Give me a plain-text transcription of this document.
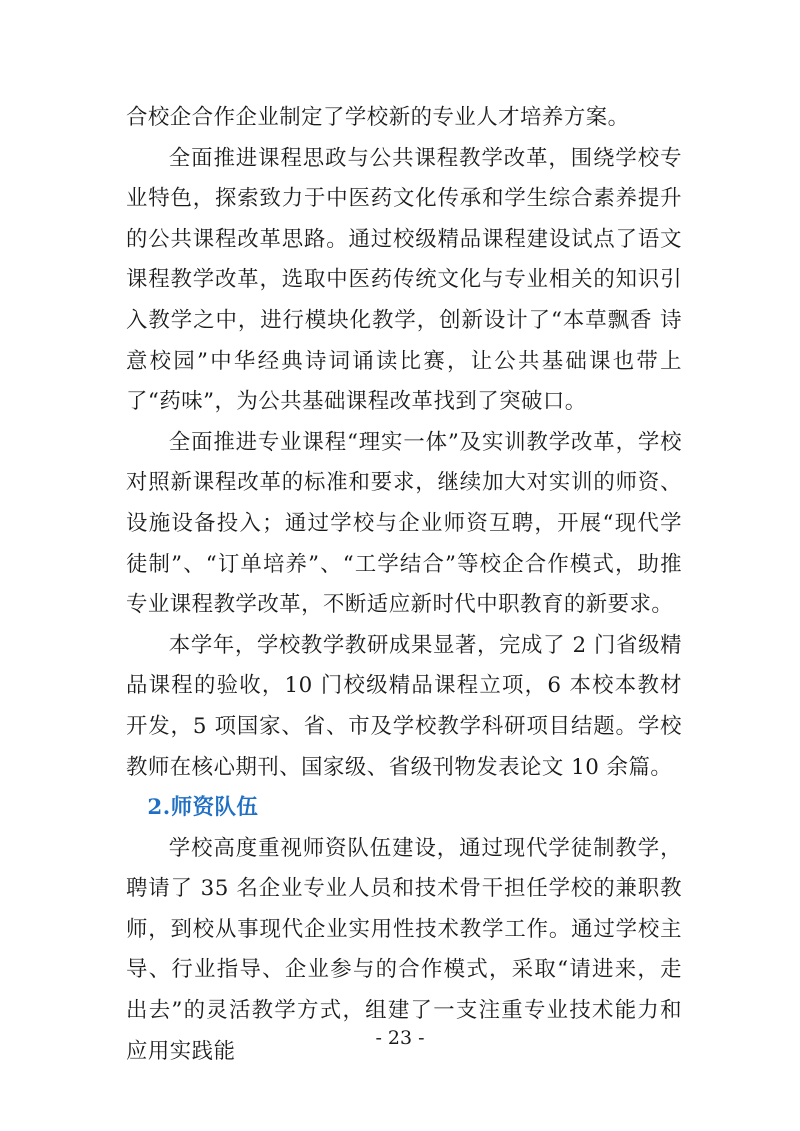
合校企合作企业制定了学校新的专业人才培养方案。

全面推进课程思政与公共课程教学改革，围绕学校专业特色，探索致力于中医药文化传承和学生综合素养提升的公共课程改革思路。通过校级精品课程建设试点了语文课程教学改革，选取中医药传统文化与专业相关的知识引入教学之中，进行模块化教学，创新设计了“本草飘香 诗意校园”中华经典诗词诵读比赛，让公共基础课也带上了“药味”，为公共基础课程改革找到了突破口。

全面推进专业课程“理实一体”及实训教学改革，学校对照新课程改革的标准和要求，继续加大对实训的师资、设施设备投入；通过学校与企业师资互聘，开展“现代学徒制”、“订单培养”、“工学结合”等校企合作模式，助推专业课程教学改革，不断适应新时代中职教育的新要求。

本学年，学校教学教研成果显著，完成了 2 门省级精品课程的验收，10 门校级精品课程立项，6 本校本教材开发，5 项国家、省、市及学校教学科研项目结题。学校教师在核心期刊、国家级、省级刊物发表论文 10 余篇。

2.师资队伍

学校高度重视师资队伍建设，通过现代学徒制教学，聘请了 35 名企业专业人员和技术骨干担任学校的兼职教师，到校从事现代企业实用性技术教学工作。通过学校主导、行业指导、企业参与的合作模式，采取“请进来，走出去”的灵活教学方式，组建了一支注重专业技术能力和应用实践能

- 23 -
